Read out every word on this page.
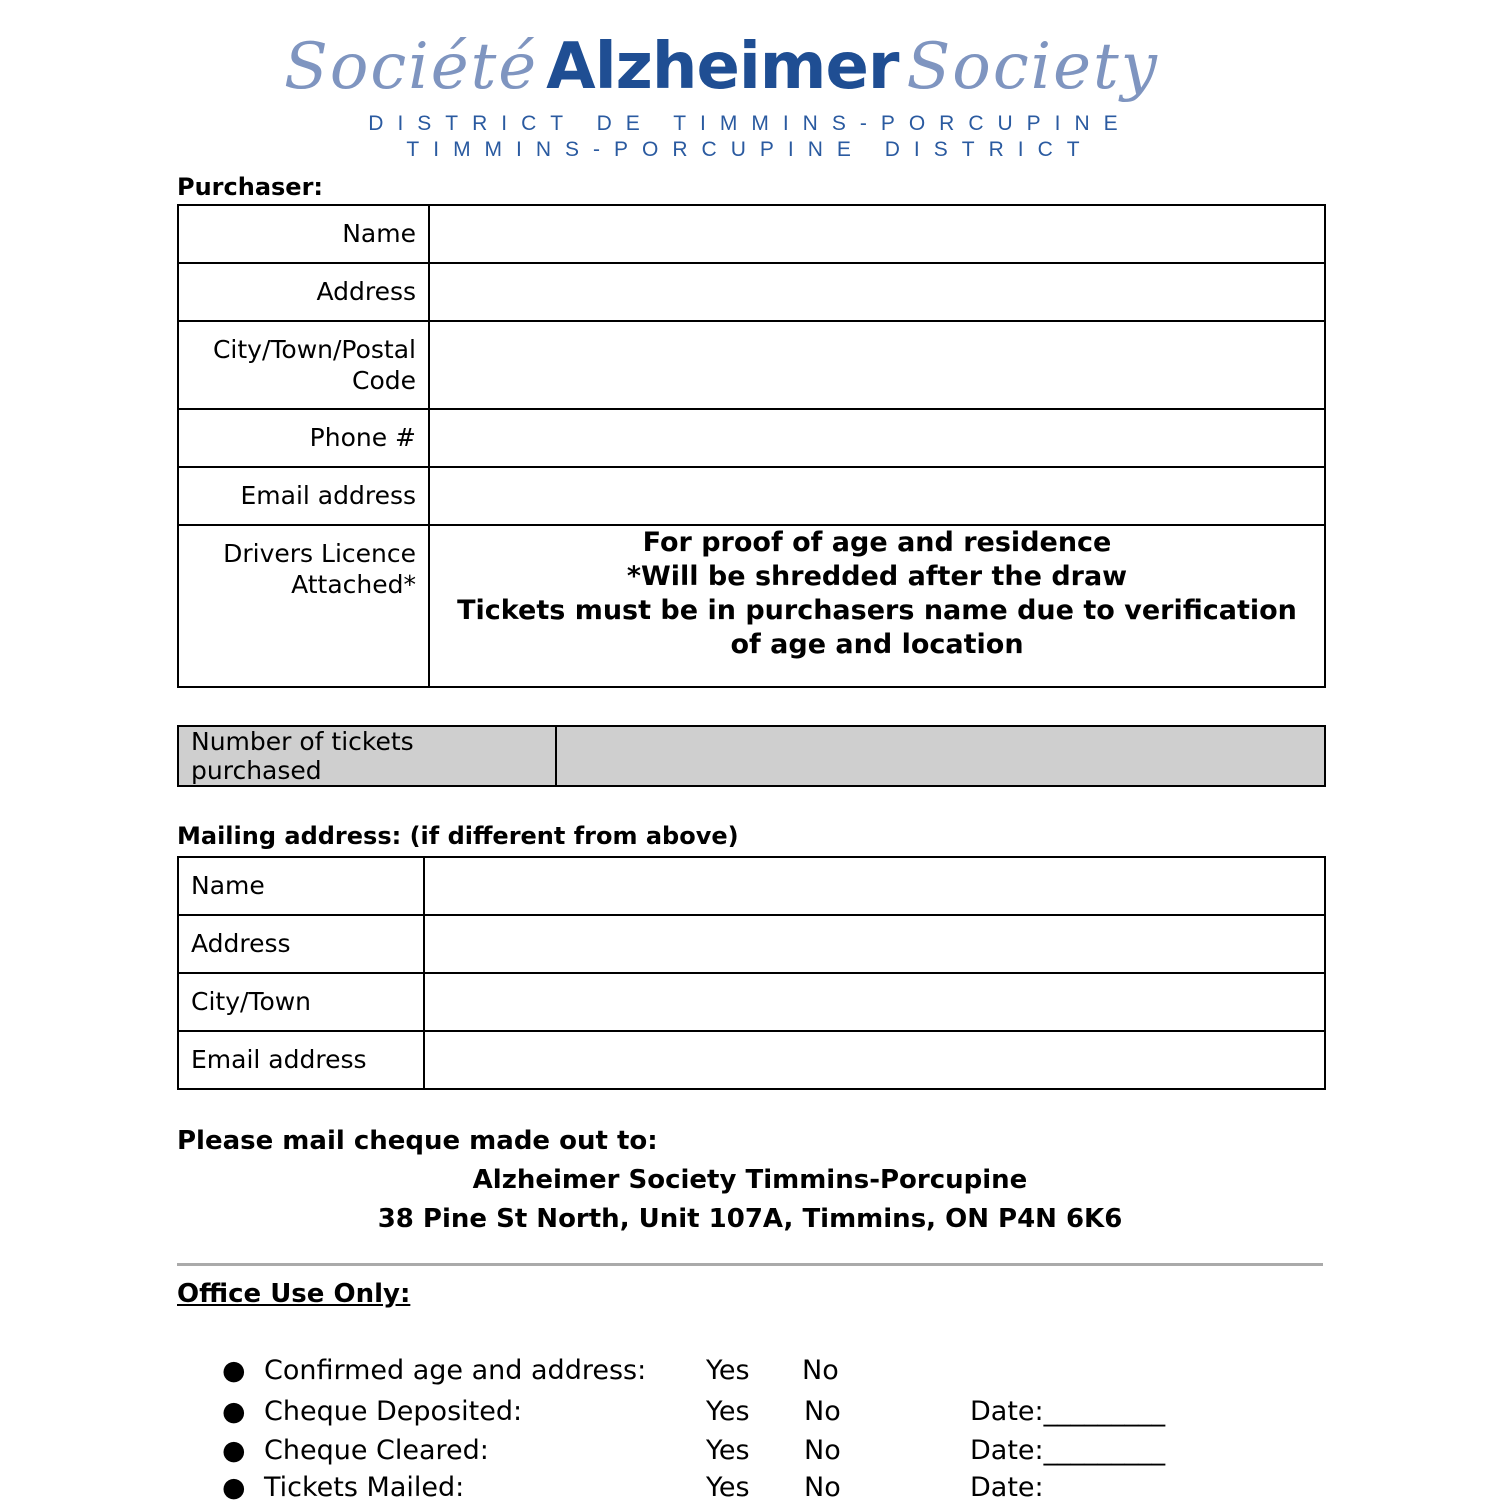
Société Alzheimer Society
DISTRICT DE TIMMINS-PORCUPINE
TIMMINS-PORCUPINE DISTRICT
Purchaser:
Name	

Address	

City/Town/Postal Code	

Phone #	

Email address	

Drivers Licence Attached*	For proof of age and residence
*Will be shredded after the draw
Tickets must be in purchasers name due to verification of age and location
Number of tickets purchased	
Mailing address: (if different from above)
Name	

Address	

City/Town	

Email address	

Please mail cheque made out to:
Alzheimer Society Timmins-Porcupine
38 Pine St North, Unit 107A, Timmins, ON P4N 6K6
Office Use Only:
● Confirmed age and address: Yes No
● Cheque Deposited:	Yes No	Date:_________
● Cheque Cleared:	Yes No	Date:_________
● Tickets Mailed:	Yes No	Date:
